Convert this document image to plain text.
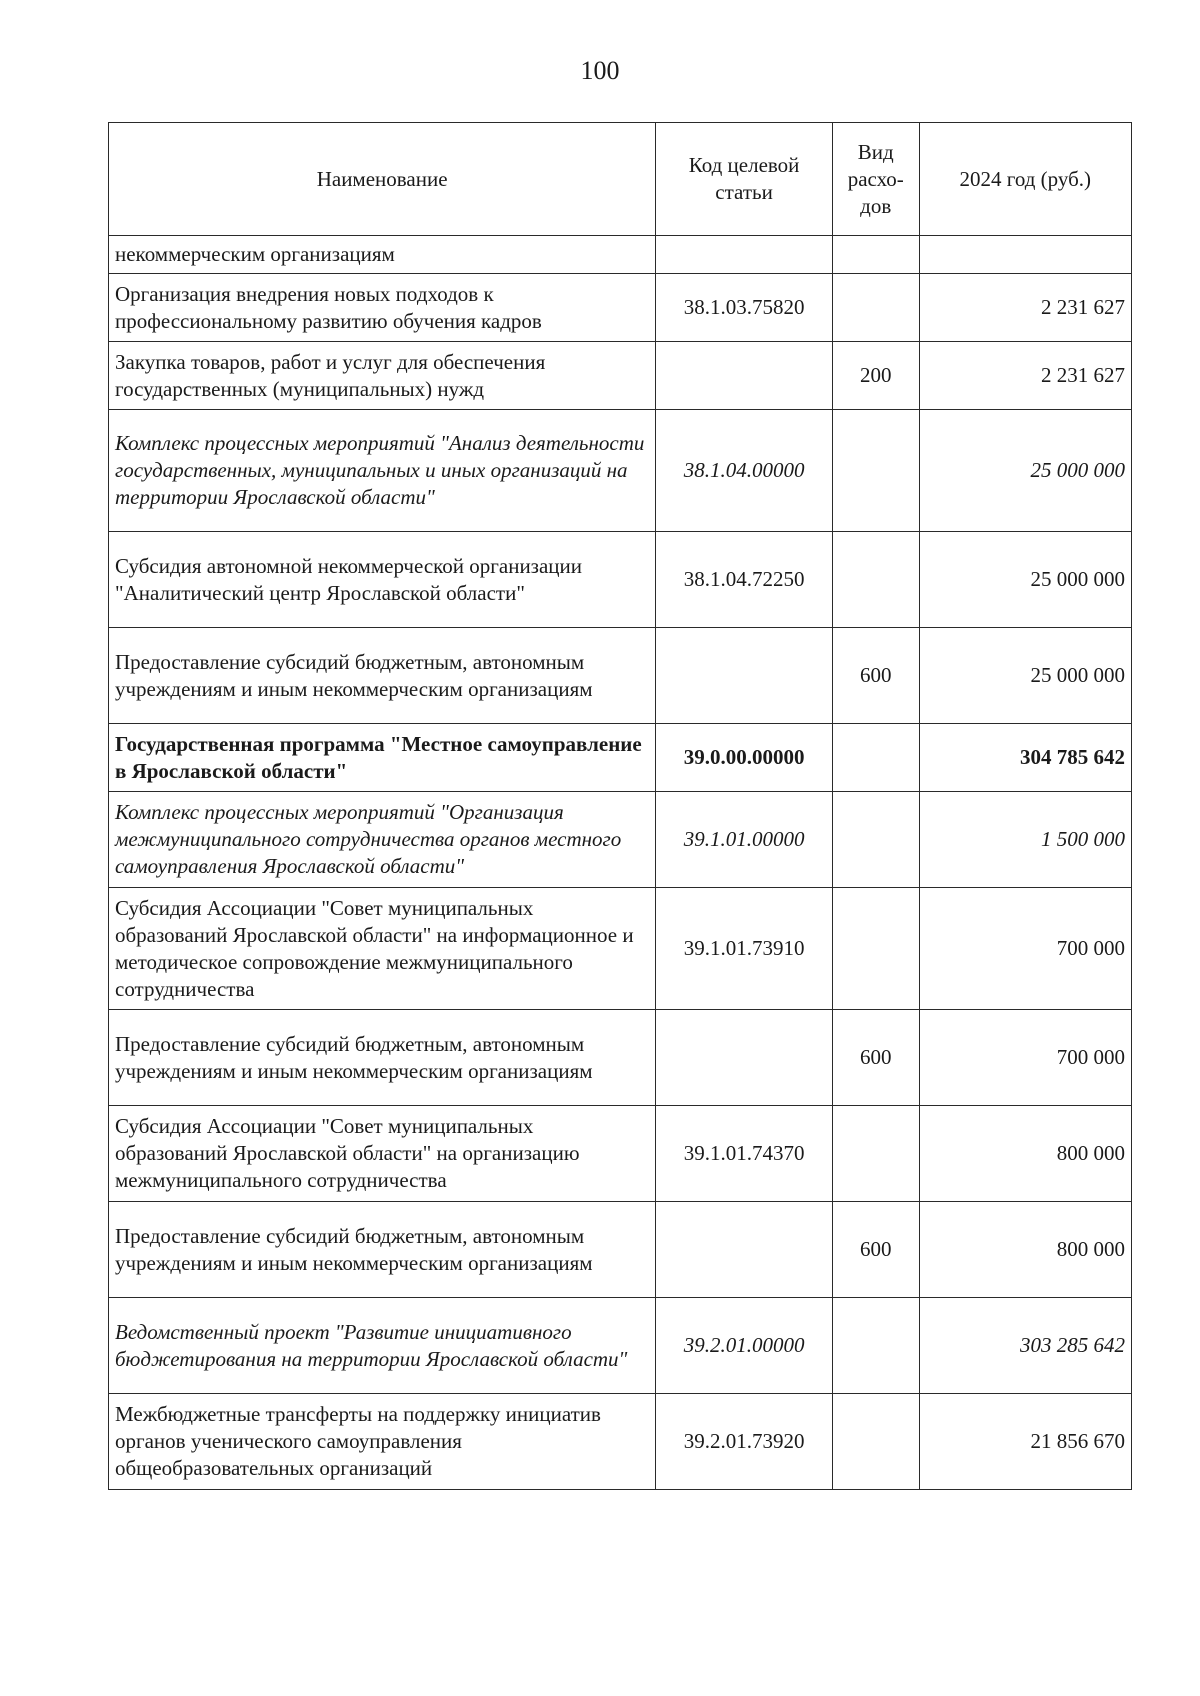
100
Наименование	Код целевой статьи	Вид расхо-дов	2024 год (руб.)
некоммерческим организациям			
Организация внедрения новых подходов к профессиональному развитию обучения кадров	38.1.03.75820		2 231 627
Закупка товаров, работ и услуг для обеспечения государственных (муниципальных) нужд		200	2 231 627
Комплекс процессных мероприятий "Анализ деятельности государственных, муниципальных и иных организаций на территории Ярославской области"	38.1.04.00000		25 000 000
Субсидия автономной некоммерческой организации "Аналитический центр Ярославской области"	38.1.04.72250		25 000 000
Предоставление субсидий бюджетным, автономным учреждениям и иным некоммерческим организациям		600	25 000 000
Государственная программа "Местное самоуправление в Ярославской области"	39.0.00.00000		304 785 642
Комплекс процессных мероприятий "Организация межмуниципального сотрудничества органов местного самоуправления Ярославской области"	39.1.01.00000		1 500 000
Субсидия Ассоциации "Совет муниципальных образований Ярославской области" на информационное и методическое сопровождение межмуниципального сотрудничества	39.1.01.73910		700 000
Предоставление субсидий бюджетным, автономным учреждениям и иным некоммерческим организациям		600	700 000
Субсидия Ассоциации "Совет муниципальных образований Ярославской области" на организацию межмуниципального сотрудничества	39.1.01.74370		800 000
Предоставление субсидий бюджетным, автономным учреждениям и иным некоммерческим организациям		600	800 000
Ведомственный проект "Развитие инициативного бюджетирования на территории Ярославской области"	39.2.01.00000		303 285 642
Межбюджетные трансферты на поддержку инициатив органов ученического самоуправления общеобразовательных организаций	39.2.01.73920		21 856 670
